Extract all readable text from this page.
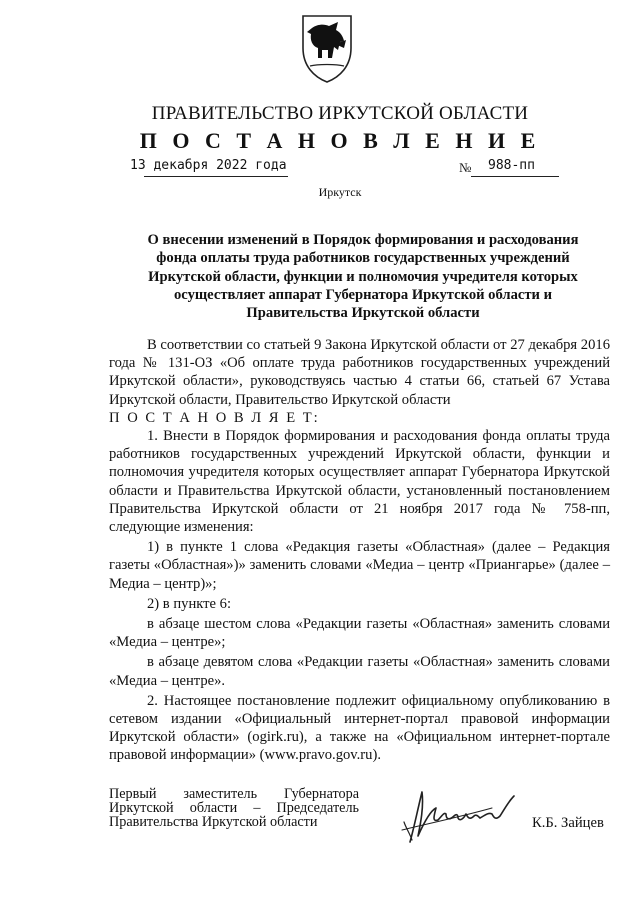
ПРАВИТЕЛЬСТВО ИРКУТСКОЙ ОБЛАСТИ
П О С Т А Н О В Л Е Н И Е
13 декабря 2022 года	№ 988-пп
Иркутск
О внесении изменений в Порядок формирования и расходования
фонда оплаты труда работников государственных учреждений
Иркутской области, функции и полномочия учредителя которых
осуществляет аппарат Губернатора Иркутской области и
Правительства Иркутской области

В соответствии со статьей 9 Закона Иркутской области от 27 декабря 2016 года № 131-ОЗ «Об оплате труда работников государственных учреждений Иркутской области», руководствуясь частью 4 статьи 66, статьей 67 Устава Иркутской области, Правительство Иркутской области

П О С Т А Н О В Л Я Е Т:

1. Внести в Порядок формирования и расходования фонда оплаты труда работников государственных учреждений Иркутской области, функции и полномочия учредителя которых осуществляет аппарат Губернатора Иркутской области и Правительства Иркутской области, установленный постановлением Правительства Иркутской области от 21 ноября 2017 года № 758-пп, следующие изменения:

1) в пункте 1 слова «Редакция газеты «Областная» (далее – Редакция газеты «Областная»)» заменить словами «Медиа – центр «Приангарье» (далее – Медиа – центр)»;

2) в пункте 6:

в абзаце шестом слова «Редакции газеты «Областная» заменить словами «Медиа – центре»;

в абзаце девятом слова «Редакции газеты «Областная» заменить словами «Медиа – центре».

2. Настоящее постановление подлежит официальному опубликованию в сетевом издании «Официальный интернет-портал правовой информации Иркутской области» (ogirk.ru), а также на «Официальном интернет-портале правовой информации» (www.pravo.gov.ru).

Первый заместитель Губернатора
Иркутской области – Председатель
Правительства Иркутской области	К.Б. Зайцев
